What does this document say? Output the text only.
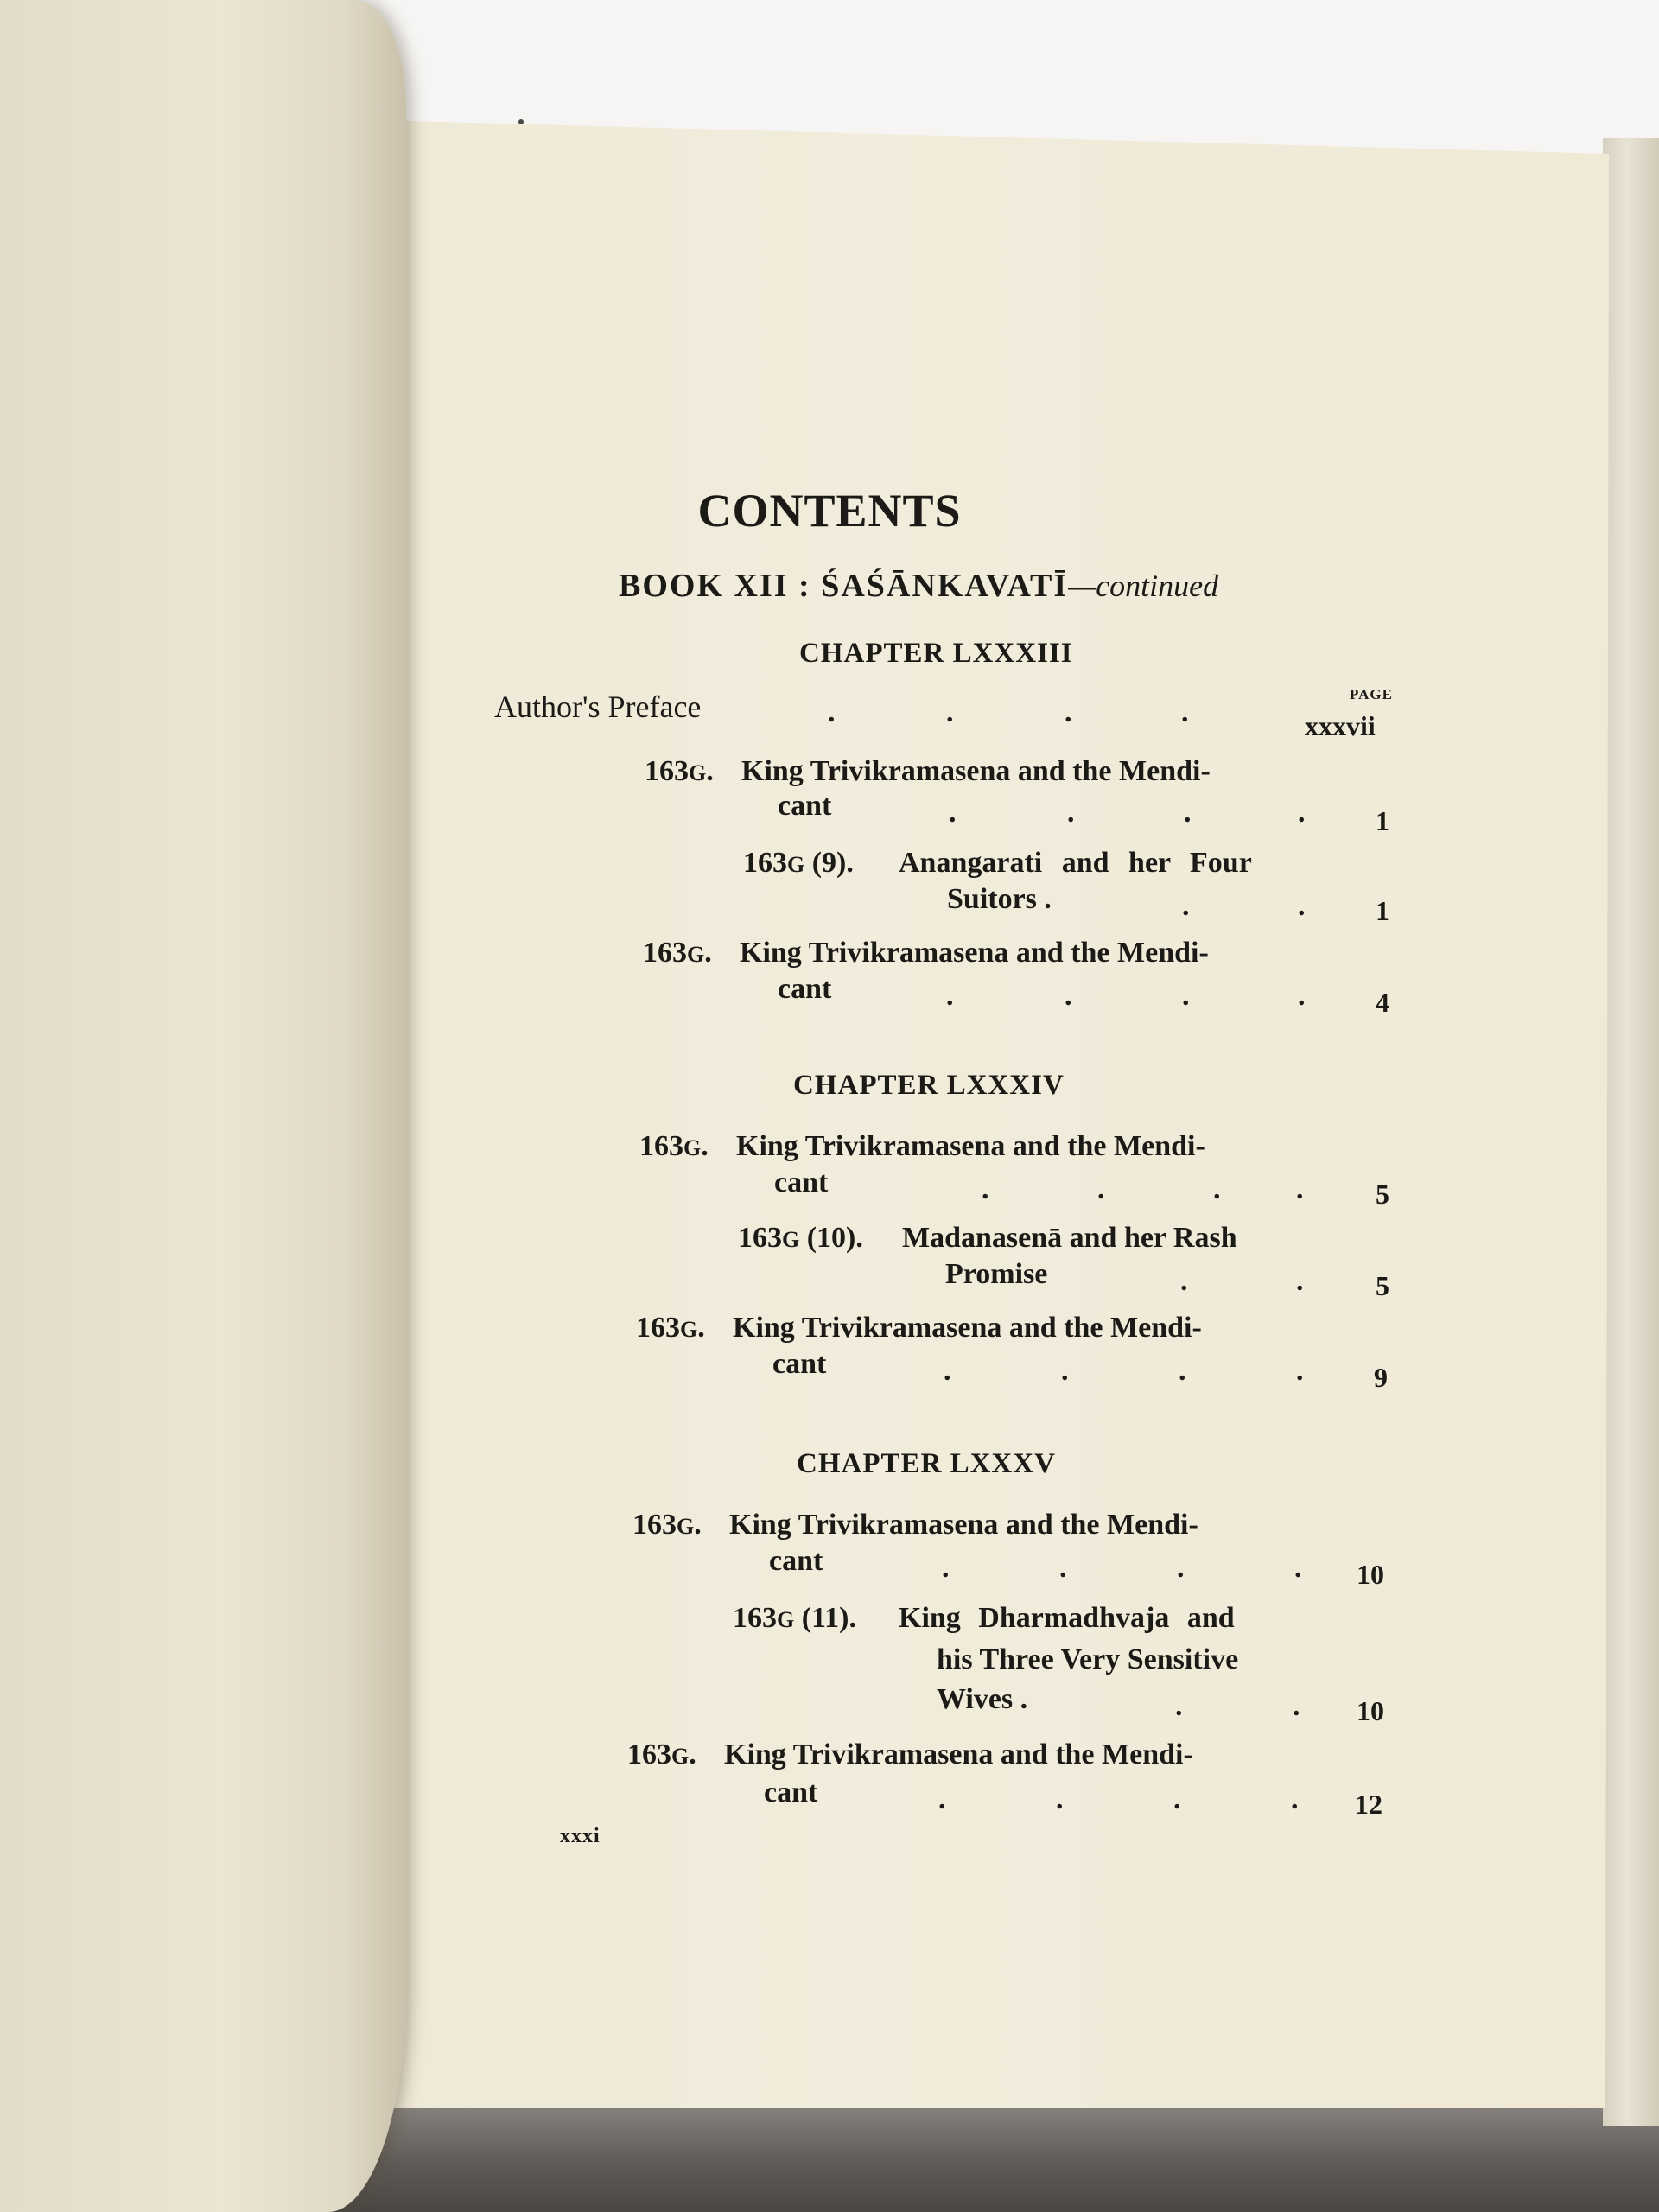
CONTENTS
BOOK XII : ŚAŚĀNKAVATĪ—continued
CHAPTER LXXXIII
PAGE
Author's Preface	.	.	.	.	xxxvii
163G. King Trivikramasena and the Mendi-
cant	.	.	.	.	1
163G (9). Anangarati and her Four
Suitors .	.	.	1
163G. King Trivikramasena and the Mendi-
cant	.	.	.	.	4
CHAPTER LXXXIV
163G. King Trivikramasena and the Mendi-
cant	.	.	.	.	5
163G (10). Madanasenā and her Rash
Promise	.	.	5
163G. King Trivikramasena and the Mendi-
cant	.	.	.	.	9
CHAPTER LXXXV
163G. King Trivikramasena and the Mendi-
cant	.	.	.	. 10
163G (11). King Dharmadhvaja and
his Three Very Sensitive
Wives .	.	. 10
163G. King Trivikramasena and the Mendi-
cant	.	.	.	. 12
xxxi
